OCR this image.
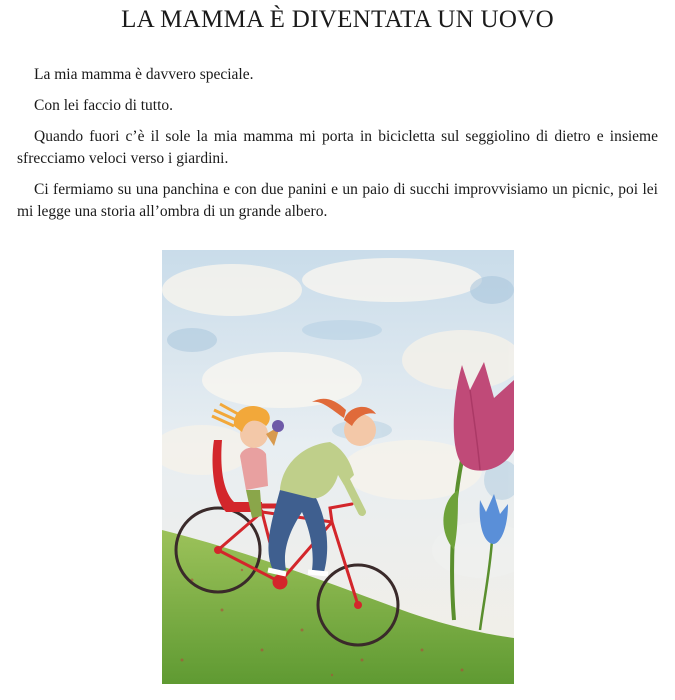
LA MAMMA È DIVENTATA UN UOVO

La mia mamma è davvero speciale.

Con lei faccio di tutto.

Quando fuori c’è il sole la mia mamma mi porta in bicicletta sul seggiolino di dietro e insieme sfrecciamo veloci verso i giardini.

Ci fermiamo su una panchina e con due panini e un paio di succhi improvvisiamo un picnic, poi lei mi legge una storia all’ombra di un grande albero.
